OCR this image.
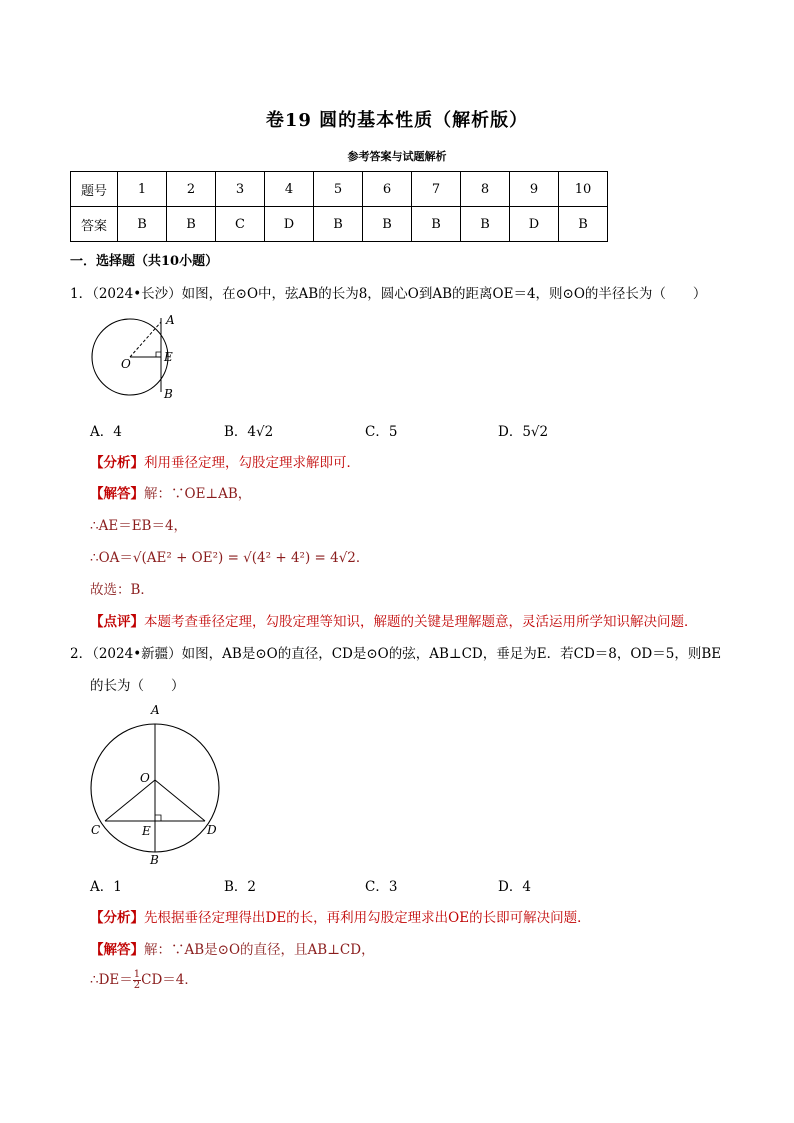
卷19 圆的基本性质（解析版）
参考答案与试题解析
题号	1	2	3	4	5	6	7	8	9	10
答案	B	B	C	D	B	B	B	B	D	B
一．选择题（共10小题）
1．（2024•长沙）如图，在⊙O中，弦AB的长为8，圆心O到AB的距离OE＝4，则⊙O的半径长为（　　）
A
O	E
B
A．4	B．4√2	C．5	D．5√2
【分析】利用垂径定理，勾股定理求解即可．
【解答】解：∵OE⊥AB，
∴AE＝EB＝4，
∴OA＝√(AE² + OE²) = √(4² + 4²) = 4√2．
故选：B．
【点评】本题考查垂径定理，勾股定理等知识，解题的关键是理解题意，灵活运用所学知识解决问题．
2．（2024•新疆）如图，AB是⊙O的直径，CD是⊙O的弦，AB⊥CD，垂足为E．若CD＝8，OD＝5，则BE
的长为（　　）
A
O
C	E	D
B
A．1	B．2	C．3	D．4
【分析】先根据垂径定理得出DE的长，再利用勾股定理求出OE的长即可解决问题．
【解答】解：∵AB是⊙O的直径，且AB⊥CD，
∴DE＝ $\frac{1}{2} CD=4$．
